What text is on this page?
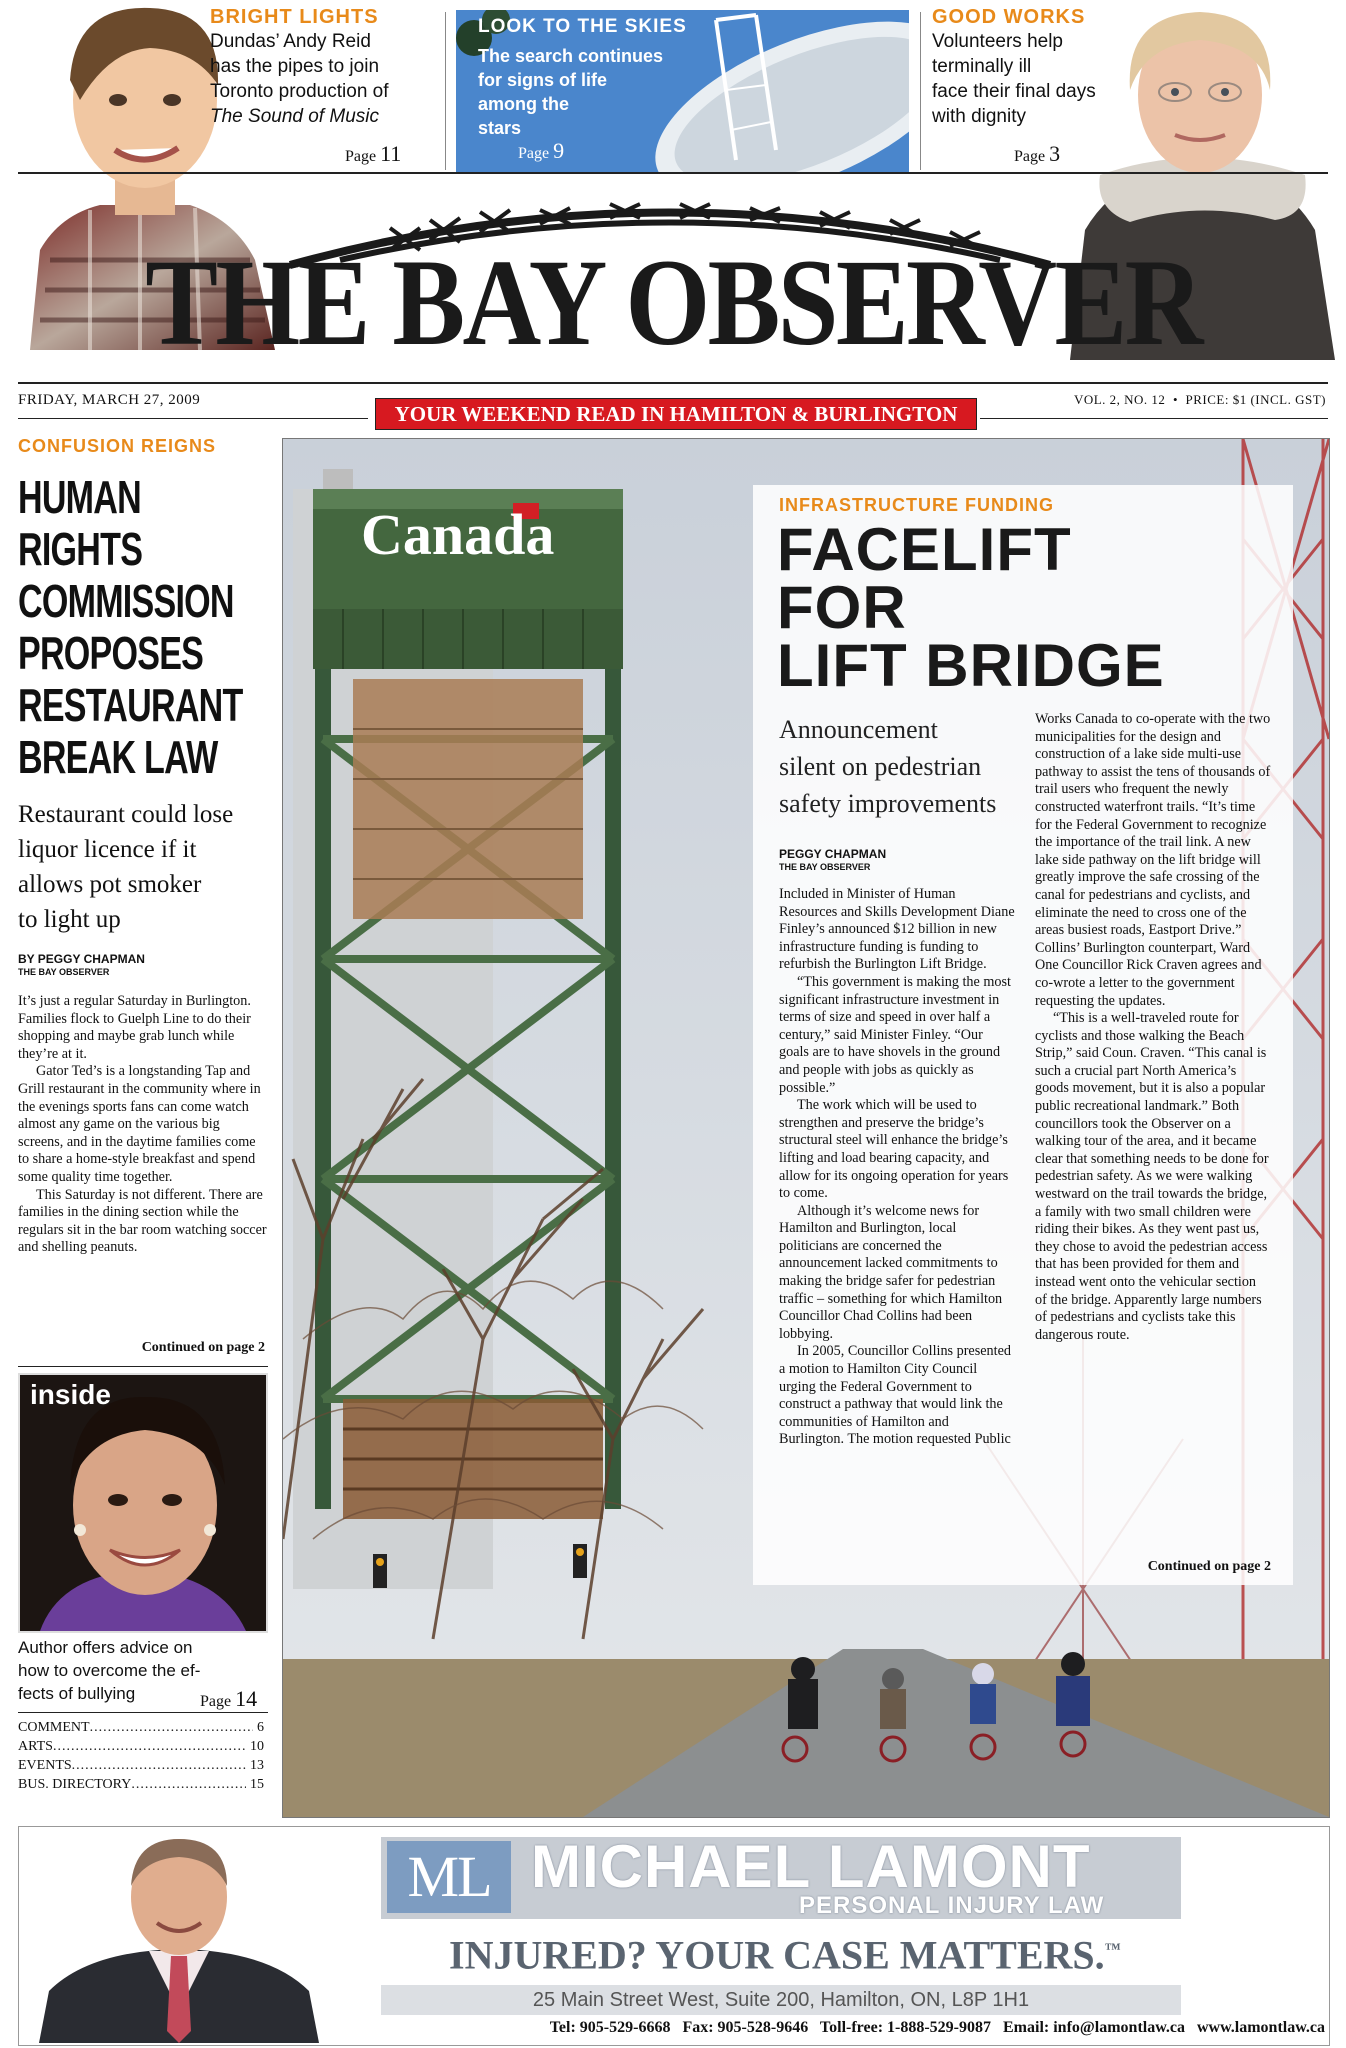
BRIGHT LIGHTS
Dundas’ Andy Reid
has the pipes to join
Toronto production of
The Sound of Music
Page 11
LOOK TO THE SKIES
The search continues
for signs of life
among the
stars
Page 9
GOOD WORKS
Volunteers help
terminally ill
face their final days
with dignity
Page 3
THE BAY OBSERVER
FRIDAY, MARCH 27, 2009
YOUR WEEKEND READ IN HAMILTON & BURLINGTON
VOL. 2, NO. 12  •  PRICE: $1 (INCL. GST)
CONFUSION REIGNS
HUMAN RIGHTS
COMMISSION
PROPOSES
RESTAURANT
BREAK LAW
Restaurant could lose
liquor licence if it
allows pot smoker
to light up
BY PEGGY CHAPMAN
THE BAY OBSERVER

It’s just a regular Saturday in Burlington. Families flock to Guelph Line to do their shopping and maybe grab lunch while they’re at it.

Gator Ted’s is a longstanding Tap and Grill restaurant in the community where in the evenings sports fans can come watch almost any game on the various big screens, and in the daytime families come to share a home-style breakfast and spend some quality time together.

This Saturday is not different. There are families in the dining section while the regulars sit in the bar room watching soccer and shelling peanuts.

Continued on page 2
inside
Author offers advice on
how to overcome the ef-
fects of bullying	Page 14
COMMENT .....	6
ARTS .....	10
EVENTS .....	13
BUS. DIRECTORY .....	15
Canada	INFRASTRUCTURE FUNDING
FACELIFT
FOR
LIFT BRIDGE
Announcement
silent on pedestrian
safety improvements
PEGGY CHAPMAN
THE BAY OBSERVER

Included in Minister of Human Resources and Skills Development Diane Finley’s announced $12 billion in new infrastructure funding is funding to refurbish the Burlington Lift Bridge.

“This government is making the most significant infrastructure investment in terms of size and speed in over half a century,” said Minister Finley. “Our goals are to have shovels in the ground and people with jobs as quickly as possible.”

The work which will be used to strengthen and preserve the bridge’s structural steel will enhance the bridge’s lifting and load bearing capacity, and allow for its ongoing operation for years to come.

Although it’s welcome news for Hamilton and Burlington, local politicians are concerned the announcement lacked commitments to making the bridge safer for pedestrian traffic – something for which Hamilton Councillor Chad Collins had been lobbying.

In 2005, Councillor Collins presented a motion to Hamilton City Council urging the Federal Government to construct a pathway that would link the communities of Hamilton and Burlington. The motion requested Public

Works Canada to co-operate with the two municipalities for the design and construction of a lake side multi-use pathway to assist the tens of thousands of trail users who frequent the newly constructed waterfront trails. “It’s time for the Federal Government to recognize the importance of the trail link. A new lake side pathway on the lift bridge will greatly improve the safe crossing of the canal for pedestrians and cyclists, and eliminate the need to cross one of the areas busiest roads, Eastport Drive.” Collins’ Burlington counterpart, Ward One Councillor Rick Craven agrees and co-wrote a letter to the government requesting the updates.

“This is a well-traveled route for cyclists and those walking the Beach Strip,” said Coun. Craven. “This canal is such a crucial part North America’s goods movement, but it is also a popular public recreational landmark.” Both councillors took the Observer on a walking tour of the area, and it became clear that something needs to be done for pedestrian safety. As we were walking westward on the trail towards the bridge, a family with two small children were riding their bikes. As they went past us, they chose to avoid the pedestrian access that has been provided for them and instead went onto the vehicular section of the bridge. Apparently large numbers of pedestrians and cyclists take this dangerous route.

Continued on page 2
ML MICHAEL LAMONT
PERSONAL INJURY LAW
INJURED? YOUR CASE MATTERS.™
25 Main Street West, Suite 200, Hamilton, ON, L8P 1H1
Tel: 905-529-6668   Fax: 905-528-9646   Toll-free: 1-888-529-9087   Email: info@lamontlaw.ca   www.lamontlaw.ca
